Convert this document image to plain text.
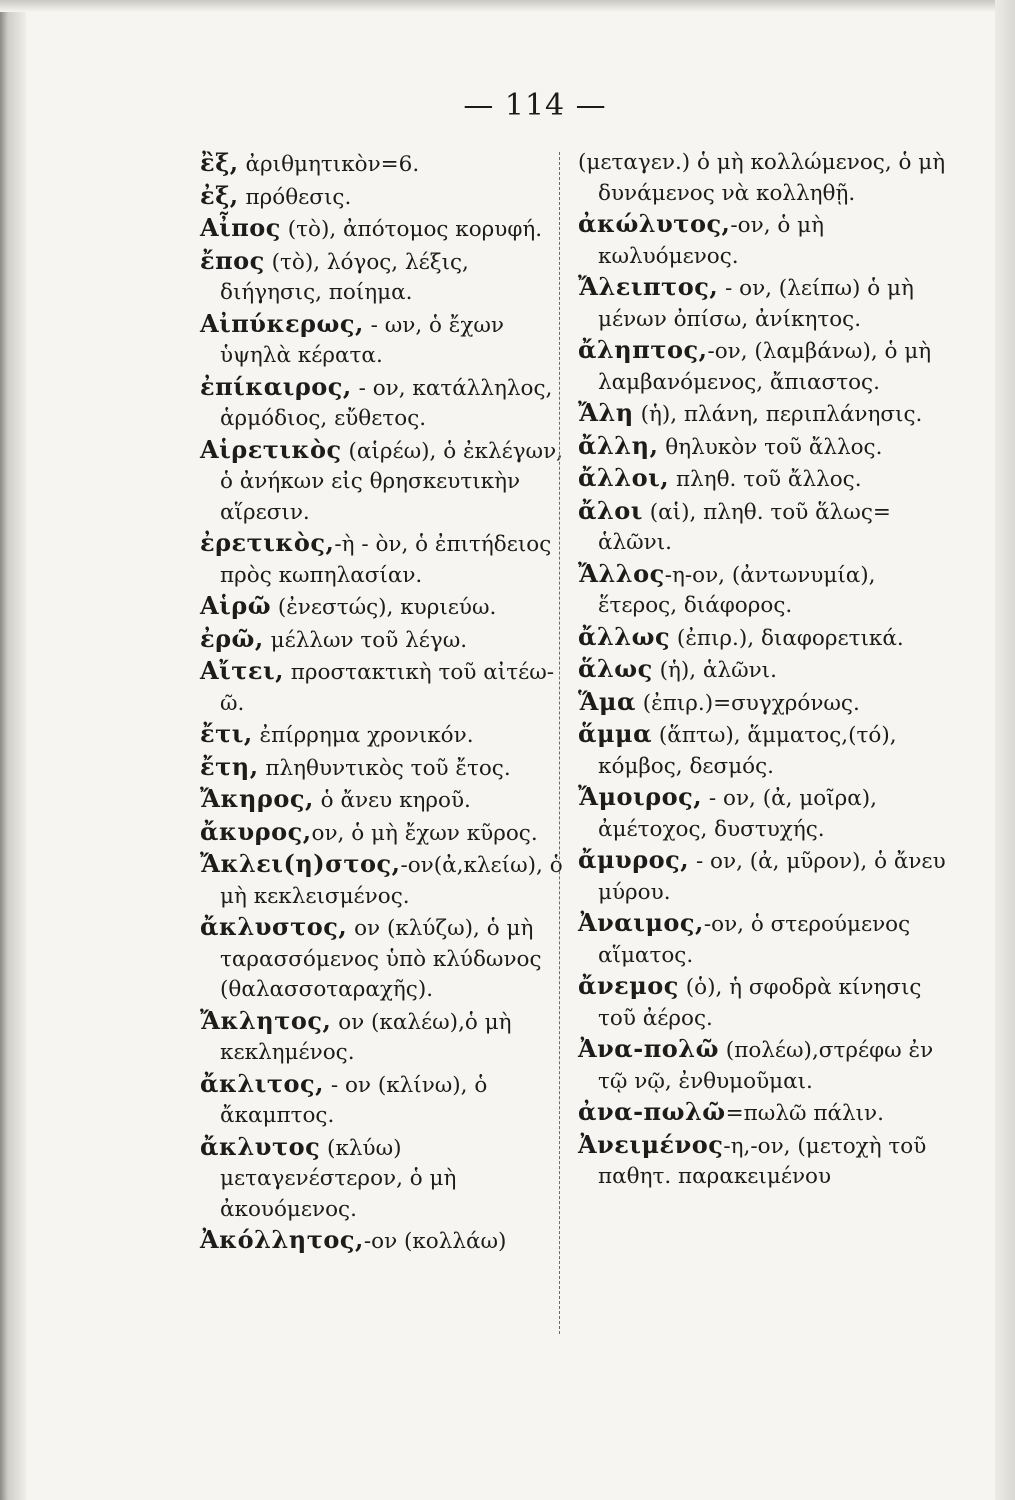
— 114 —
ἒξ, ἀριθμητικὸν=6.
ἐξ, πρόθεσις.
Αἶπος (τὸ), ἀπότομος κορυφή.
ἔπος (τὸ), λόγος, λέξις, διήγησις, ποίημα.
Αἰπύκερως, - ων, ὁ ἔχων ὑψηλὰ κέρατα.
ἐπίκαιρος, - ον, κατάλληλος, ἁρμόδιος, εὔθετος.
Αἱρετικὸς (αἱρέω), ὁ ἐκλέγων, ὁ ἀνήκων εἰς θρησκευτικὴν αἵρεσιν.
ἐρετικὸς,-ὴ - ὸν, ὁ ἐπιτήδειος πρὸς κωπηλασίαν.
Αἱρῶ (ἐνεστώς), κυριεύω.
ἐρῶ, μέλλων τοῦ λέγω.
Αἴτει, προστακτικὴ τοῦ αἰτέω-ῶ.
ἔτι, ἐπίρρημα χρονικόν.
ἔτη, πληθυντικὸς τοῦ ἔτος.
Ἄκηρος, ὁ ἄνευ κηροῦ.
ἄκυρος,ον, ὁ μὴ ἔχων κῦρος.
Ἄκλει(η)στος,-ον(ἀ,κλείω), ὁ μὴ κεκλεισμένος.
ἄκλυστος, ον (κλύζω), ὁ μὴ ταρασσόμενος ὑπὸ κλύδωνος (θαλασσοταραχῆς).
Ἄκλητος, ον (καλέω),ὁ μὴ κεκλημένος.
ἄκλιτος, - ον (κλίνω), ὁ ἄκαμπτος.
ἄκλυτος (κλύω) μεταγενέστερον, ὁ μὴ ἀκουόμενος.
Ἀκόλλητος,-ον (κολλάω)
(μεταγεν.) ὁ μὴ κολλώμενος, ὁ μὴ δυνάμενος νὰ κολληθῇ.
ἀκώλυτος,-ον, ὁ μὴ κωλυόμενος.
Ἄλειπτος, - ον, (λείπω) ὁ μὴ μένων ὀπίσω, ἀνίκητος.
ἄληπτος,-ον, (λαμβάνω), ὁ μὴ λαμβανόμενος, ἄπιαστος.
Ἄλη (ἡ), πλάνη, περιπλάνησις.
ἄλλη, θηλυκὸν τοῦ ἄλλος.
ἄλλοι, πληθ. τοῦ ἄλλος.
ἄλοι (αἱ), πληθ. τοῦ ἅλως= ἁλῶνι.
Ἄλλος-η-ον, (ἀντωνυμία), ἕτερος, διάφορος.
ἄλλως (ἐπιρ.), διαφορετικά.
ἅλως (ἡ), ἁλῶνι.
Ἅμα (ἐπιρ.)=συγχρόνως.
ἅμμα (ἅπτω), ἅμματος,(τό), κόμβος, δεσμός.
Ἄμοιρος, - ον, (ἀ, μοῖρα), ἀμέτοχος, δυστυχής.
ἄμυρος, - ον, (ἀ, μῦρον), ὁ ἄνευ μύρου.
Ἀναιμος,-ον, ὁ στερούμενος αἵματος.
ἄνεμος (ὁ), ἡ σφοδρὰ κίνησις τοῦ ἀέρος.
Ἀνα-πολῶ (πολέω),στρέφω ἐν τῷ νῷ, ἐνθυμοῦμαι.
ἀνα-πωλῶ=πωλῶ πάλιν.
Ἀνειμένος-η,-ον, (μετοχὴ τοῦ παθητ. παρακειμένου
